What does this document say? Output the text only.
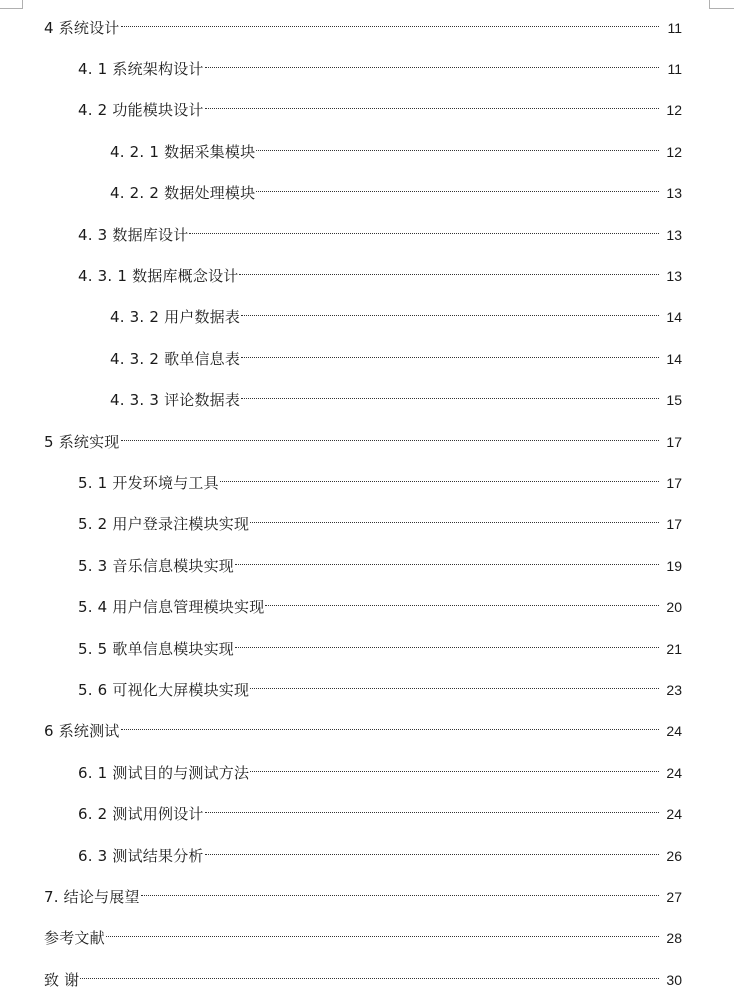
4 系统设计	11
4. 1 系统架构设计	11
4. 2 功能模块设计	12
4. 2. 1 数据采集模块	12
4. 2. 2 数据处理模块	13
4. 3 数据库设计	13
4. 3. 1 数据库概念设计	13
4. 3. 2 用户数据表	14
4. 3. 2 歌单信息表	14
4. 3. 3 评论数据表	15
5 系统实现	17
5. 1 开发环境与工具	17
5. 2 用户登录注模块实现	17
5. 3 音乐信息模块实现	19
5. 4 用户信息管理模块实现	20
5. 5 歌单信息模块实现	21
5. 6 可视化大屏模块实现	23
6 系统测试	24
6. 1 测试目的与测试方法	24
6. 2 测试用例设计	24
6. 3 测试结果分析	26
7. 结论与展望	27
参考文献	28
致 谢	30
